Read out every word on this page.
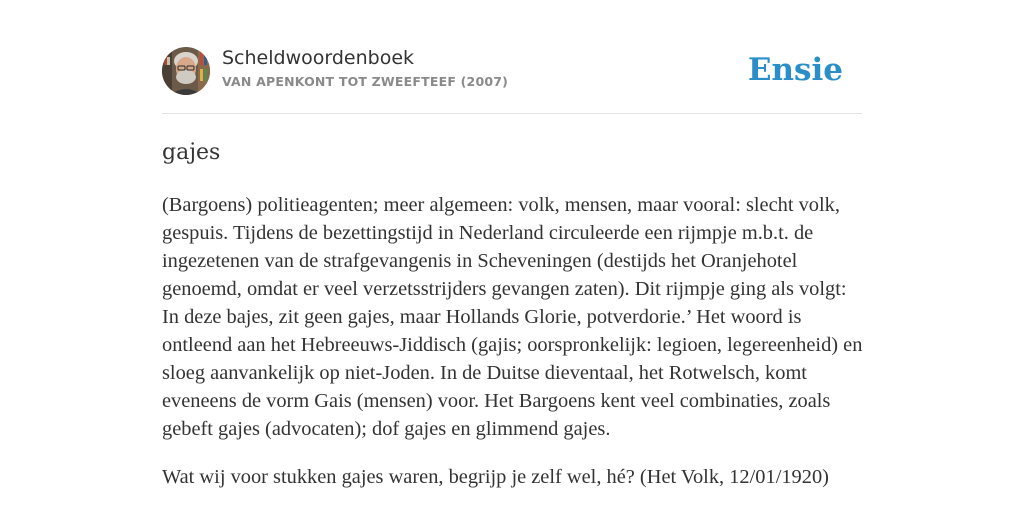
Scheldwoordenboek
VAN APENKONT TOT ZWEEFTEEF (2007)	Ensie
gajes

(Bargoens) politieagenten; meer algemeen: volk, mensen, maar vooral: slecht volk, gespuis. Tijdens de bezettingstijd in Nederland circuleerde een rijmpje m.b.t. de ingezetenen van de strafgevangenis in Scheveningen (destijds het Oranjehotel genoemd, omdat er veel verzetsstrijders gevangen zaten). Dit rijmpje ging als volgt: In deze bajes, zit geen gajes, maar Hollands Glorie, potverdorie.’ Het woord is ontleend aan het Hebreeuws-Jiddisch (gajis; oorspronkelijk: legioen, legereenheid) en sloeg aanvankelijk op niet-Joden. In de Duitse dieventaal, het Rotwelsch, komt eveneens de vorm Gais (mensen) voor. Het Bargoens kent veel combinaties, zoals gebeft gajes (advocaten); dof gajes en glimmend gajes.

Wat wij voor stukken gajes waren, begrijp je zelf wel, hé? (Het Volk, 12/01/1920)
